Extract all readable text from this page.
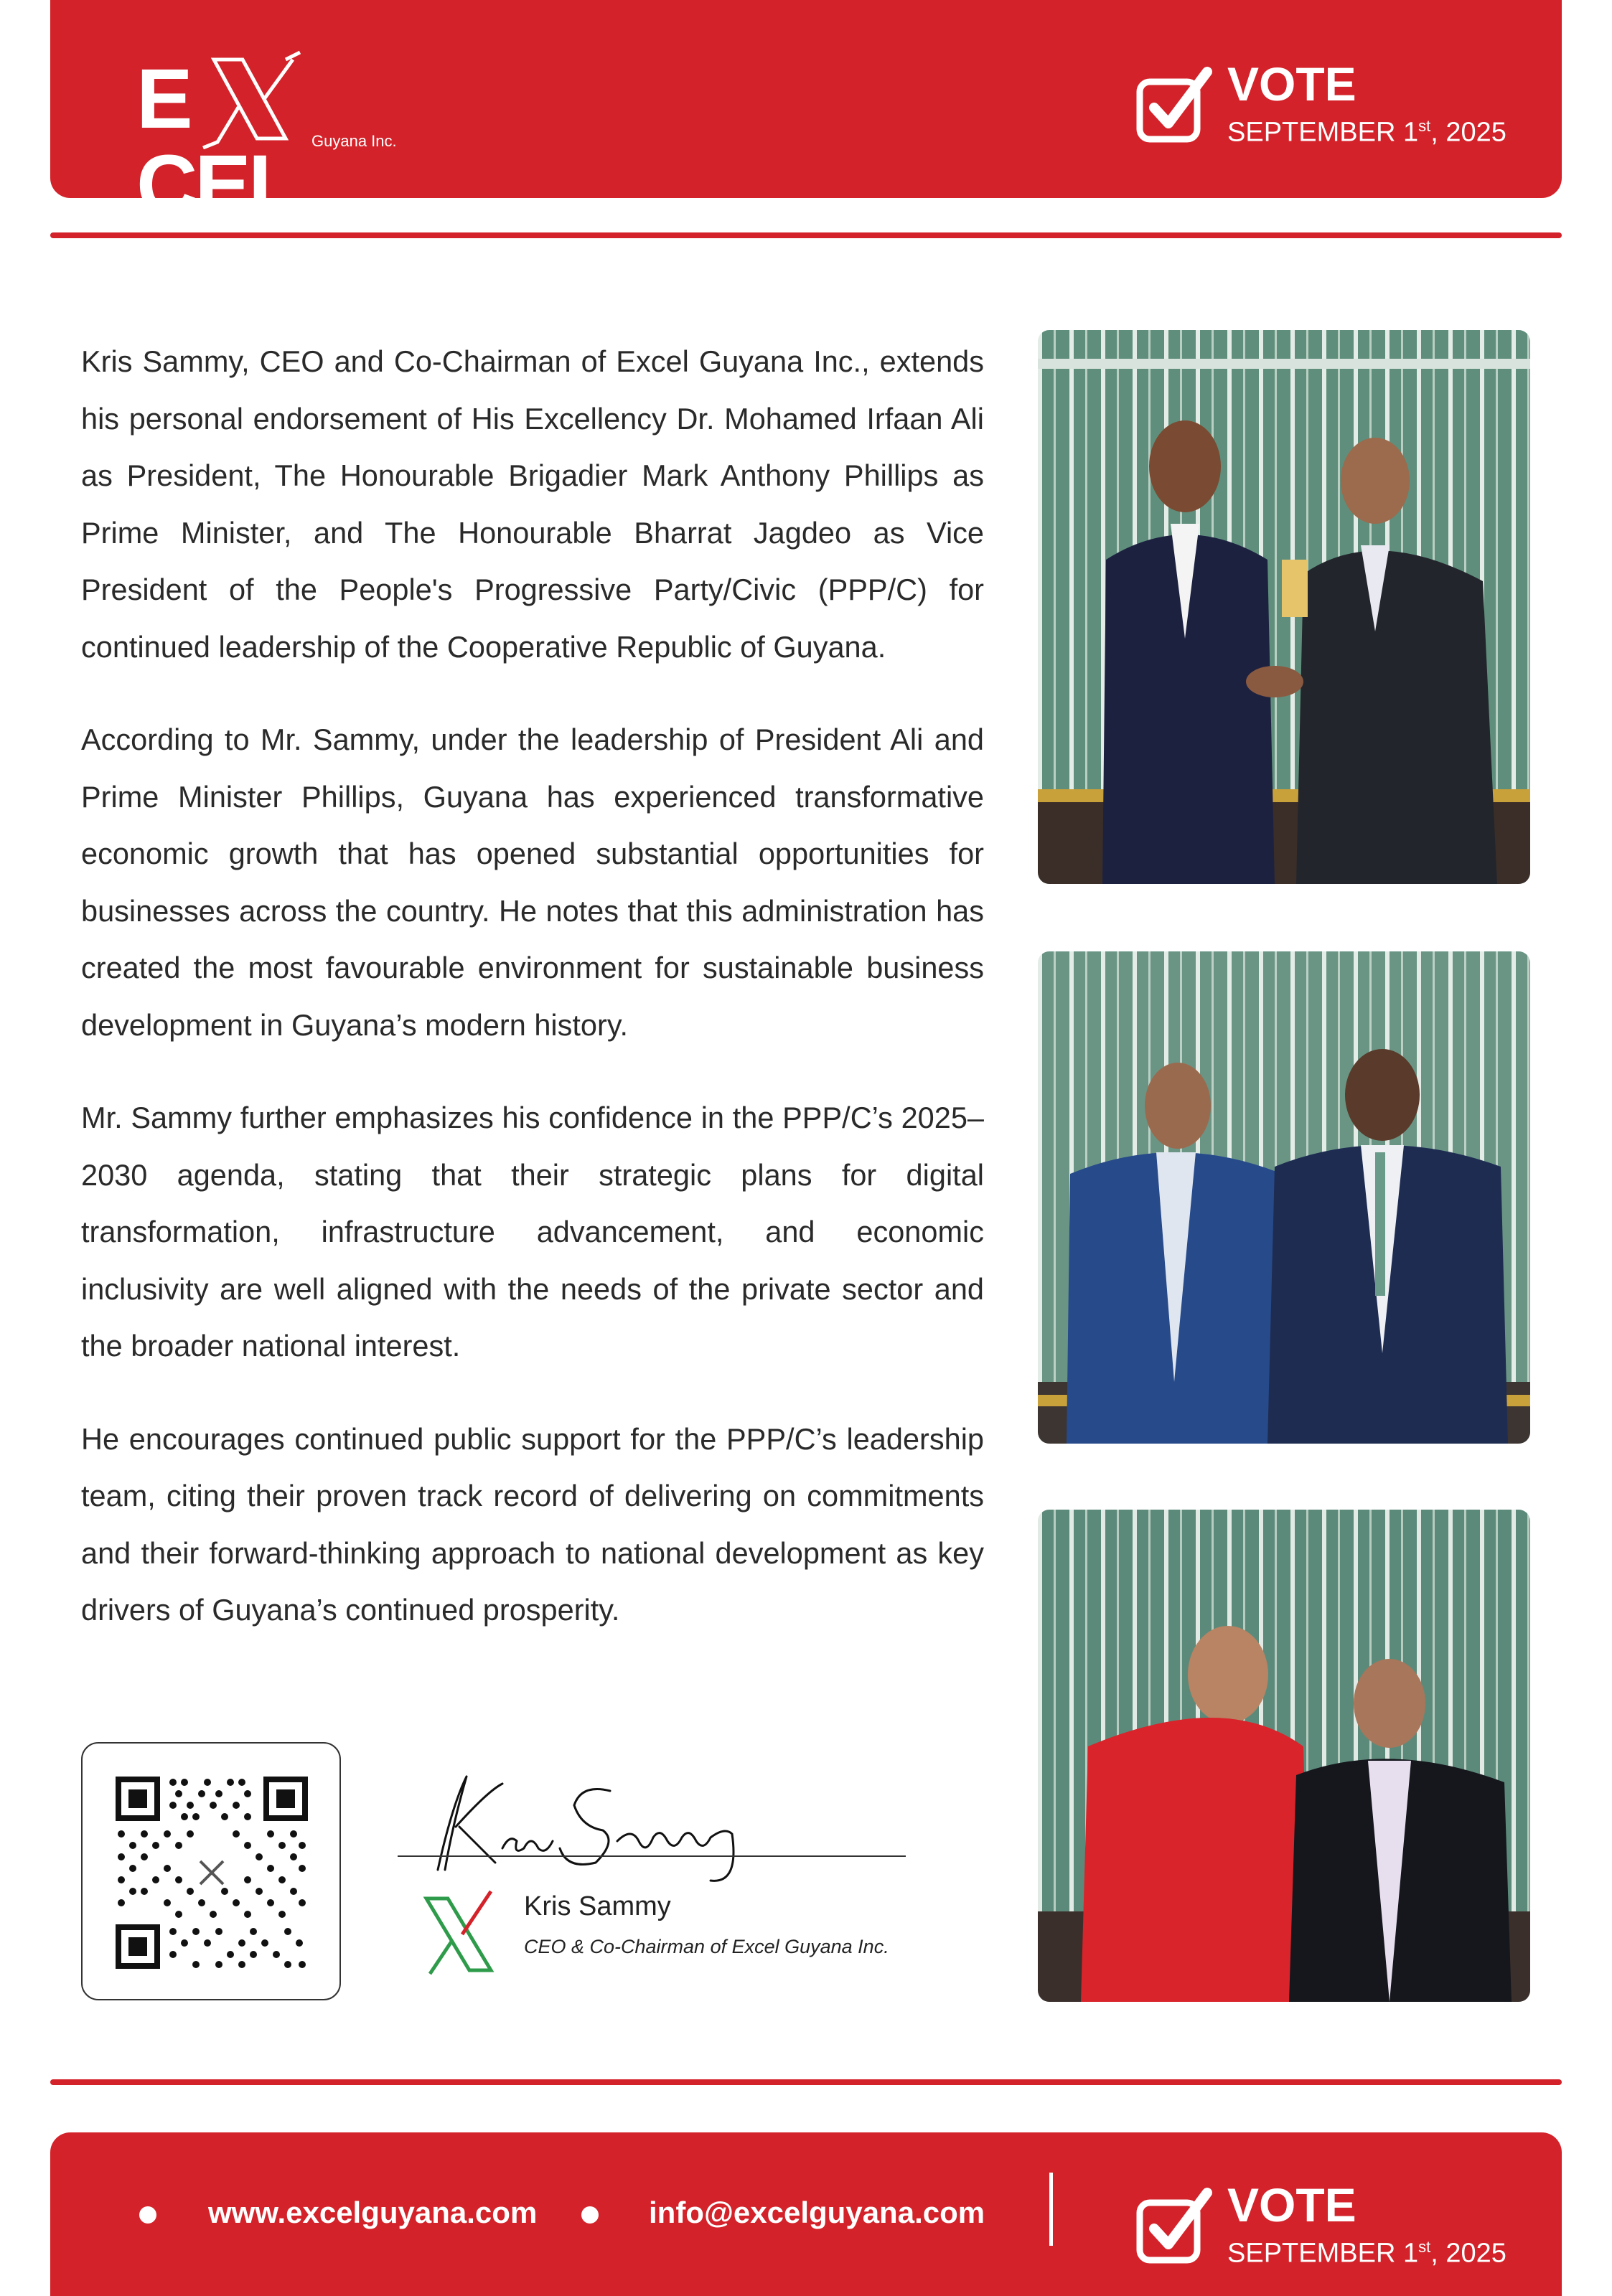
ECEL Guyana Inc.
VOTE
SEPTEMBER 1st, 2025

Kris Sammy, CEO and Co-Chairman of Excel Guyana Inc., extends his personal endorsement of His Excellency Dr. Mohamed Irfaan Ali as President, The Honourable Brigadier Mark Anthony Phillips as Prime Minister, and The Honourable Bharrat Jagdeo as Vice President of the People's Progressive Party/Civic (PPP/C) for continued leadership of the Cooperative Republic of Guyana.

According to Mr. Sammy, under the leadership of President Ali and Prime Minister Phillips, Guyana has experienced transformative economic growth that has opened substantial opportunities for businesses across the country. He notes that this administration has created the most favourable environment for sustainable business development in Guyana’s modern history.

Mr. Sammy further emphasizes his confidence in the PPP/C’s 2025–2030 agenda, stating that their strategic plans for digital transformation, infrastructure advancement, and economic inclusivity are well aligned with the needs of the private sector and the broader national interest.

He encourages continued public support for the PPP/C’s leadership team, citing their proven track record of delivering on commitments and their forward-thinking approach to national development as key drivers of Guyana’s continued prosperity.

Kris Sammy
CEO & Co-Chairman of Excel Guyana Inc.
www.excelguyana.com	info@excelguyana.com	VOTE
SEPTEMBER 1st, 2025
